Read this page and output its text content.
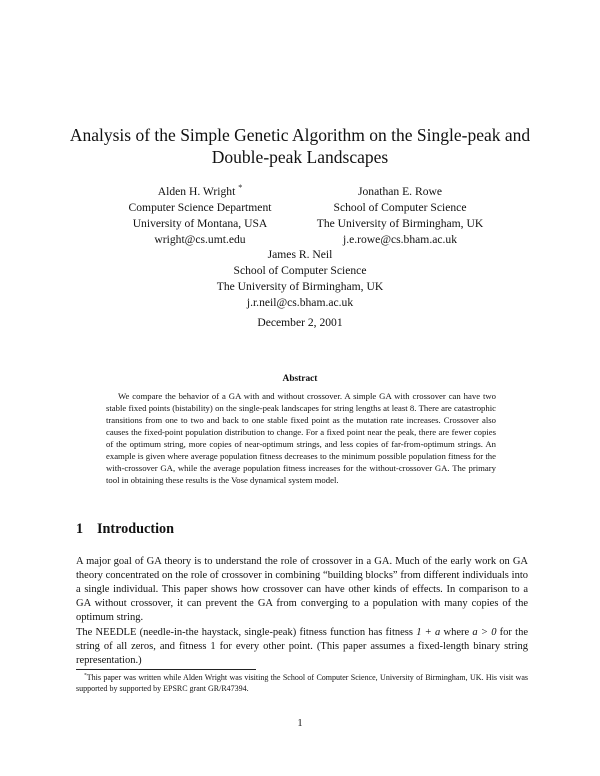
Analysis of the Simple Genetic Algorithm on the Single-peak and
Double-peak Landscapes
Alden H. Wright *
Computer Science Department
University of Montana, USA
wright@cs.umt.edu
Jonathan E. Rowe
School of Computer Science
The University of Birmingham, UK
j.e.rowe@cs.bham.ac.uk
James R. Neil
School of Computer Science
The University of Birmingham, UK
j.r.neil@cs.bham.ac.uk
December 2, 2001
Abstract
We compare the behavior of a GA with and without crossover. A simple GA with crossover can have two stable fixed points (bistability) on the single-peak landscapes for string lengths at least 8. There are catastrophic transitions from one to two and back to one stable fixed point as the mutation rate increases. Crossover also causes the fixed-point population distribution to change. For a fixed point near the peak, there are fewer copies of the optimum string, more copies of near-optimum strings, and less copies of far-from-optimum strings. An example is given where average population fitness decreases to the minimum possible population fitness for the with-crossover GA, while the average population fitness increases for the without-crossover GA. The primary tool in obtaining these results is the Vose dynamical system model.
1 Introduction
A major goal of GA theory is to understand the role of crossover in a GA. Much of the early work on GA theory concentrated on the role of crossover in combining “building blocks” from different individuals into a single individual. This paper shows how crossover can have other kinds of effects. In comparison to a GA without crossover, it can prevent the GA from converging to a population with many copies of the optimum string.
The NEEDLE (needle-in-the haystack, single-peak) fitness function has fitness 1 + a where a > 0 for the string of all zeros, and fitness 1 for every other point. (This paper assumes a fixed-length binary string representation.)
*This paper was written while Alden Wright was visiting the School of Computer Science, University of Birmingham, UK. His visit was supported by supported by EPSRC grant GR/R47394.
1
